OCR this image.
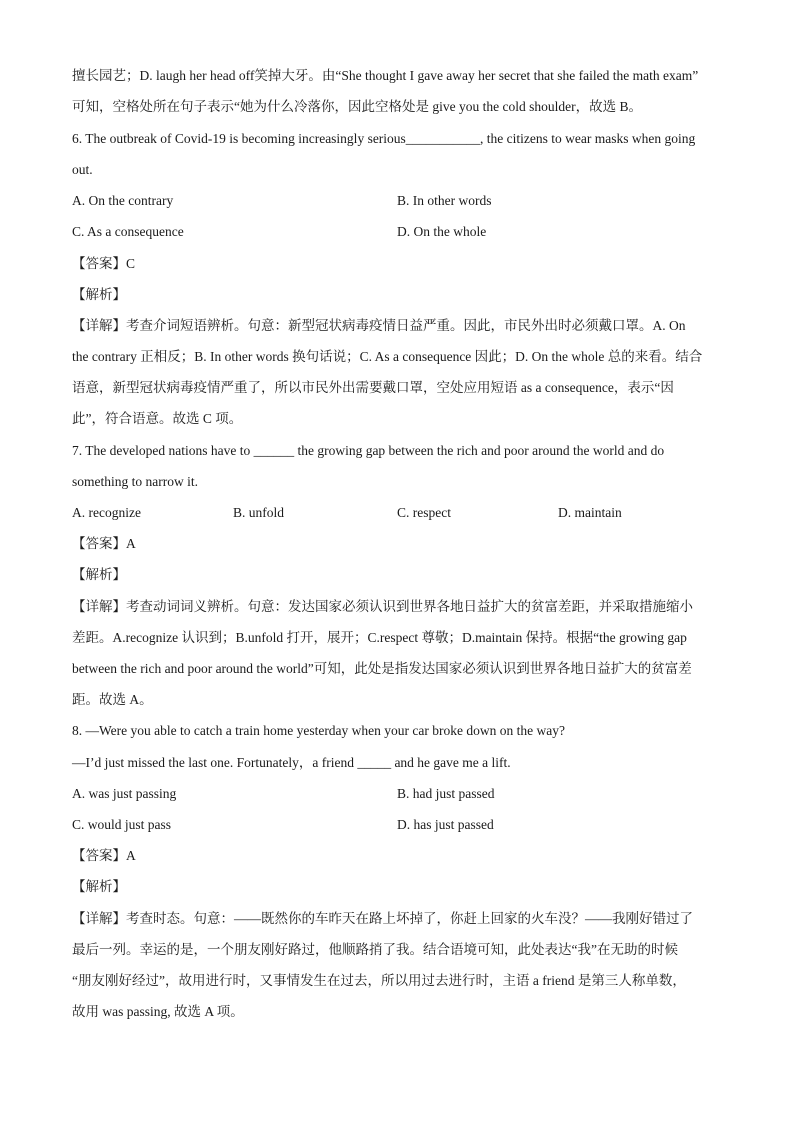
擅长园艺；D. laugh her head off笑掉大牙。由“She thought I gave away her secret that she failed the math exam”
可知，空格处所在句子表示“她为什么冷落你，因此空格处是 give you the cold shoulder，故选 B。
6. The outbreak of Covid-19 is becoming increasingly serious___________, the citizens to wear masks when going
out.
A. On the contrary	B. In other words
C. As a consequence	D. On the whole
【答案】C
【解析】
【详解】考查介词短语辨析。句意：新型冠状病毒疫情日益严重。因此，市民外出时必须戴口罩。A. On
the contrary 正相反；B. In other words 换句话说；C. As a consequence 因此；D. On the whole 总的来看。结合
语意，新型冠状病毒疫情严重了，所以市民外出需要戴口罩，空处应用短语 as a consequence，表示“因
此”，符合语意。故选 C 项。
7. The developed nations have to ______ the growing gap between the rich and poor around the world and do
something to narrow it.
A. recognize	B. unfold	C. respect	D. maintain
【答案】A
【解析】
【详解】考查动词词义辨析。句意：发达国家必须认识到世界各地日益扩大的贫富差距，并采取措施缩小
差距。A.recognize 认识到；B.unfold 打开，展开；C.respect 尊敬；D.maintain 保持。根据“the growing gap
between the rich and poor around the world”可知，此处是指发达国家必须认识到世界各地日益扩大的贫富差
距。故选 A。
8. —Were you able to catch a train home yesterday when your car broke down on the way?
—I’d just missed the last one. Fortunately，a friend _____ and he gave me a lift.
A. was just passing	B. had just passed
C. would just pass	D. has just passed
【答案】A
【解析】
【详解】考查时态。句意：——既然你的车昨天在路上坏掉了，你赶上回家的火车没？——我刚好错过了
最后一列。幸运的是，一个朋友刚好路过，他顺路捎了我。结合语境可知，此处表达“我”在无助的时候
“朋友刚好经过”，故用进行时，又事情发生在过去，所以用过去进行时，主语 a friend 是第三人称单数，
故用 was passing, 故选 A 项。
